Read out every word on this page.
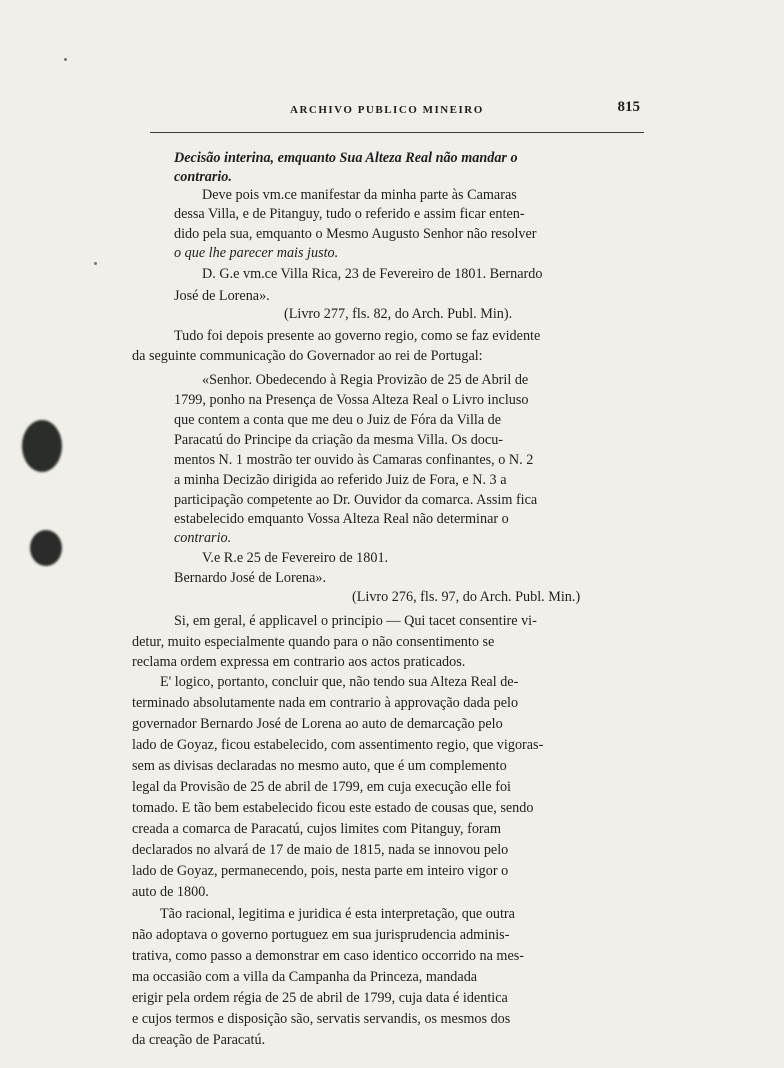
ARCHIVO PUBLICO MINEIRO	815
Decisão interina, emquanto Sua Alteza Real não mandar o
contrario.
Deve pois vm.ce manifestar da minha parte às Camaras
dessa Villa, e de Pitanguy, tudo o referido e assim ficar enten-
dido pela sua, emquanto o Mesmo Augusto Senhor não resolver
o que lhe parecer mais justo.
D. G.e vm.ce Villa Rica, 23 de Fevereiro de 1801. Bernardo
José de Lorena».
(Livro 277, fls. 82, do Arch. Publ. Min).
Tudo foi depois presente ao governo regio, como se faz evidente
da seguinte communicação do Governador ao rei de Portugal:
«Senhor. Obedecendo à Regia Provizão de 25 de Abril de
1799, ponho na Presença de Vossa Alteza Real o Livro incluso
que contem a conta que me deu o Juiz de Fóra da Villa de
Paracatú do Principe da criação da mesma Villa. Os docu-
mentos N. 1 mostrão ter ouvido às Camaras confinantes, o N. 2
a minha Decizão dirigida ao referido Juiz de Fora, e N. 3 a
participação competente ao Dr. Ouvidor da comarca. Assim fica
estabelecido emquanto Vossa Alteza Real não determinar o
contrario.
V.e R.e 25 de Fevereiro de 1801.
Bernardo José de Lorena».
(Livro 276, fls. 97, do Arch. Publ. Min.)
Si, em geral, é applicavel o principio — Qui tacet consentire vi-
detur, muito especialmente quando para o não consentimento se
reclama ordem expressa em contrario aos actos praticados.
E' logico, portanto, concluir que, não tendo sua Alteza Real de-
terminado absolutamente nada em contrario à approvação dada pelo
governador Bernardo José de Lorena ao auto de demarcação pelo
lado de Goyaz, ficou estabelecido, com assentimento regio, que vigoras-
sem as divisas declaradas no mesmo auto, que é um complemento
legal da Provisão de 25 de abril de 1799, em cuja execução elle foi
tomado. E tão bem estabelecido ficou este estado de cousas que, sendo
creada a comarca de Paracatú, cujos limites com Pitanguy, foram
declarados no alvará de 17 de maio de 1815, nada se innovou pelo
lado de Goyaz, permanecendo, pois, nesta parte em inteiro vigor o
auto de 1800.
Tão racional, legitima e juridica é esta interpretação, que outra
não adoptava o governo portuguez em sua jurisprudencia adminis-
trativa, como passo a demonstrar em caso identico occorrido na mes-
ma occasião com a villa da Campanha da Princeza, mandada
erigir pela ordem régia de 25 de abril de 1799, cuja data é identica
e cujos termos e disposição são, servatis servandis, os mesmos dos
da creação de Paracatú.
